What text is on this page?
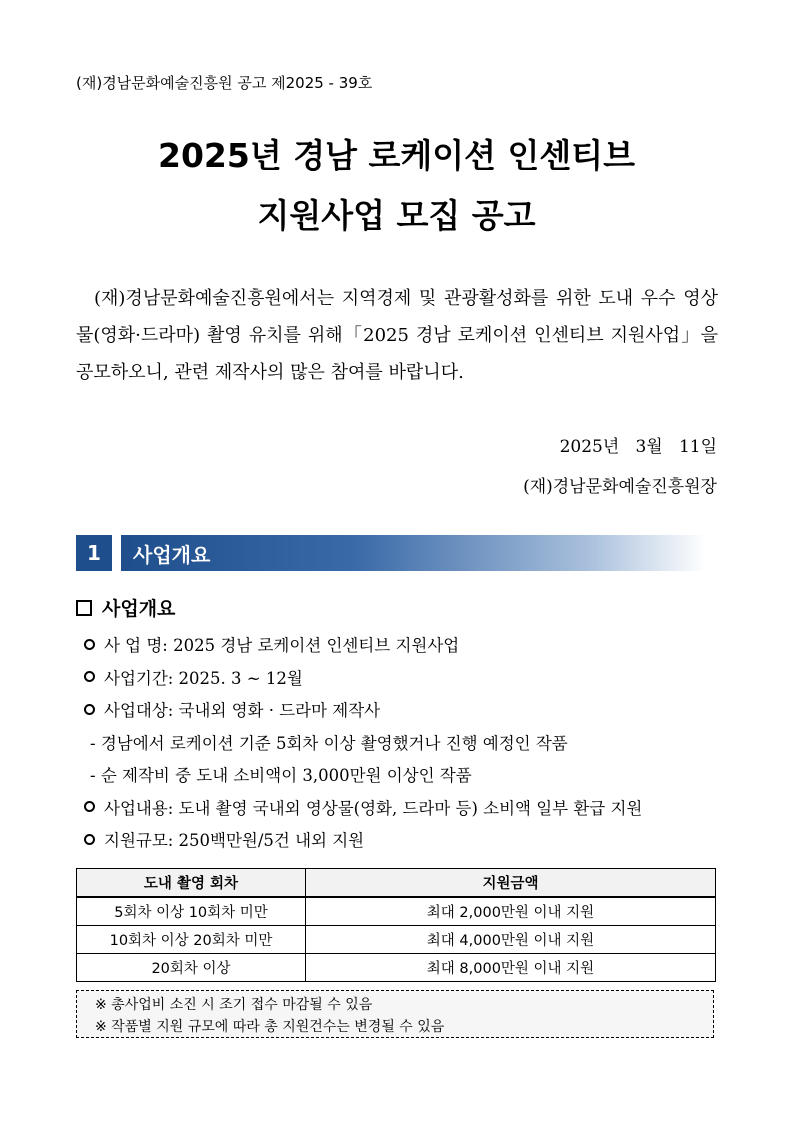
(재)경남문화예술진흥원 공고 제2025 - 39호
2025년 경남 로케이션 인센티브
지원사업 모집 공고
(재)경남문화예술진흥원에서는 지역경제 및 관광활성화를 위한 도내 우수 영상물(영화·드라마) 촬영 유치를 위해「2025 경남 로케이션 인센티브 지원사업」을 공모하오니, 관련 제작사의 많은 참여를 바랍니다.
2025년   3월   11일
(재)경남문화예술진흥원장
1	사업개요
사업개요
사 업 명: 2025 경남 로케이션 인센티브 지원사업
사업기간: 2025. 3 ~ 12월
사업대상: 국내외 영화 · 드라마 제작사
- 경남에서 로케이션 기준 5회차 이상 촬영했거나 진행 예정인 작품
- 순 제작비 중 도내 소비액이 3,000만원 이상인 작품
사업내용: 도내 촬영 국내외 영상물(영화, 드라마 등) 소비액 일부 환급 지원
지원규모: 250백만원/5건 내외 지원
도내 촬영 회차	지원금액
5회차 이상 10회차 미만	최대 2,000만원 이내 지원
10회차 이상 20회차 미만	최대 4,000만원 이내 지원
20회차 이상	최대 8,000만원 이내 지원
※ 총사업비 소진 시 조기 접수 마감될 수 있음
※ 작품별 지원 규모에 따라 총 지원건수는 변경될 수 있음
